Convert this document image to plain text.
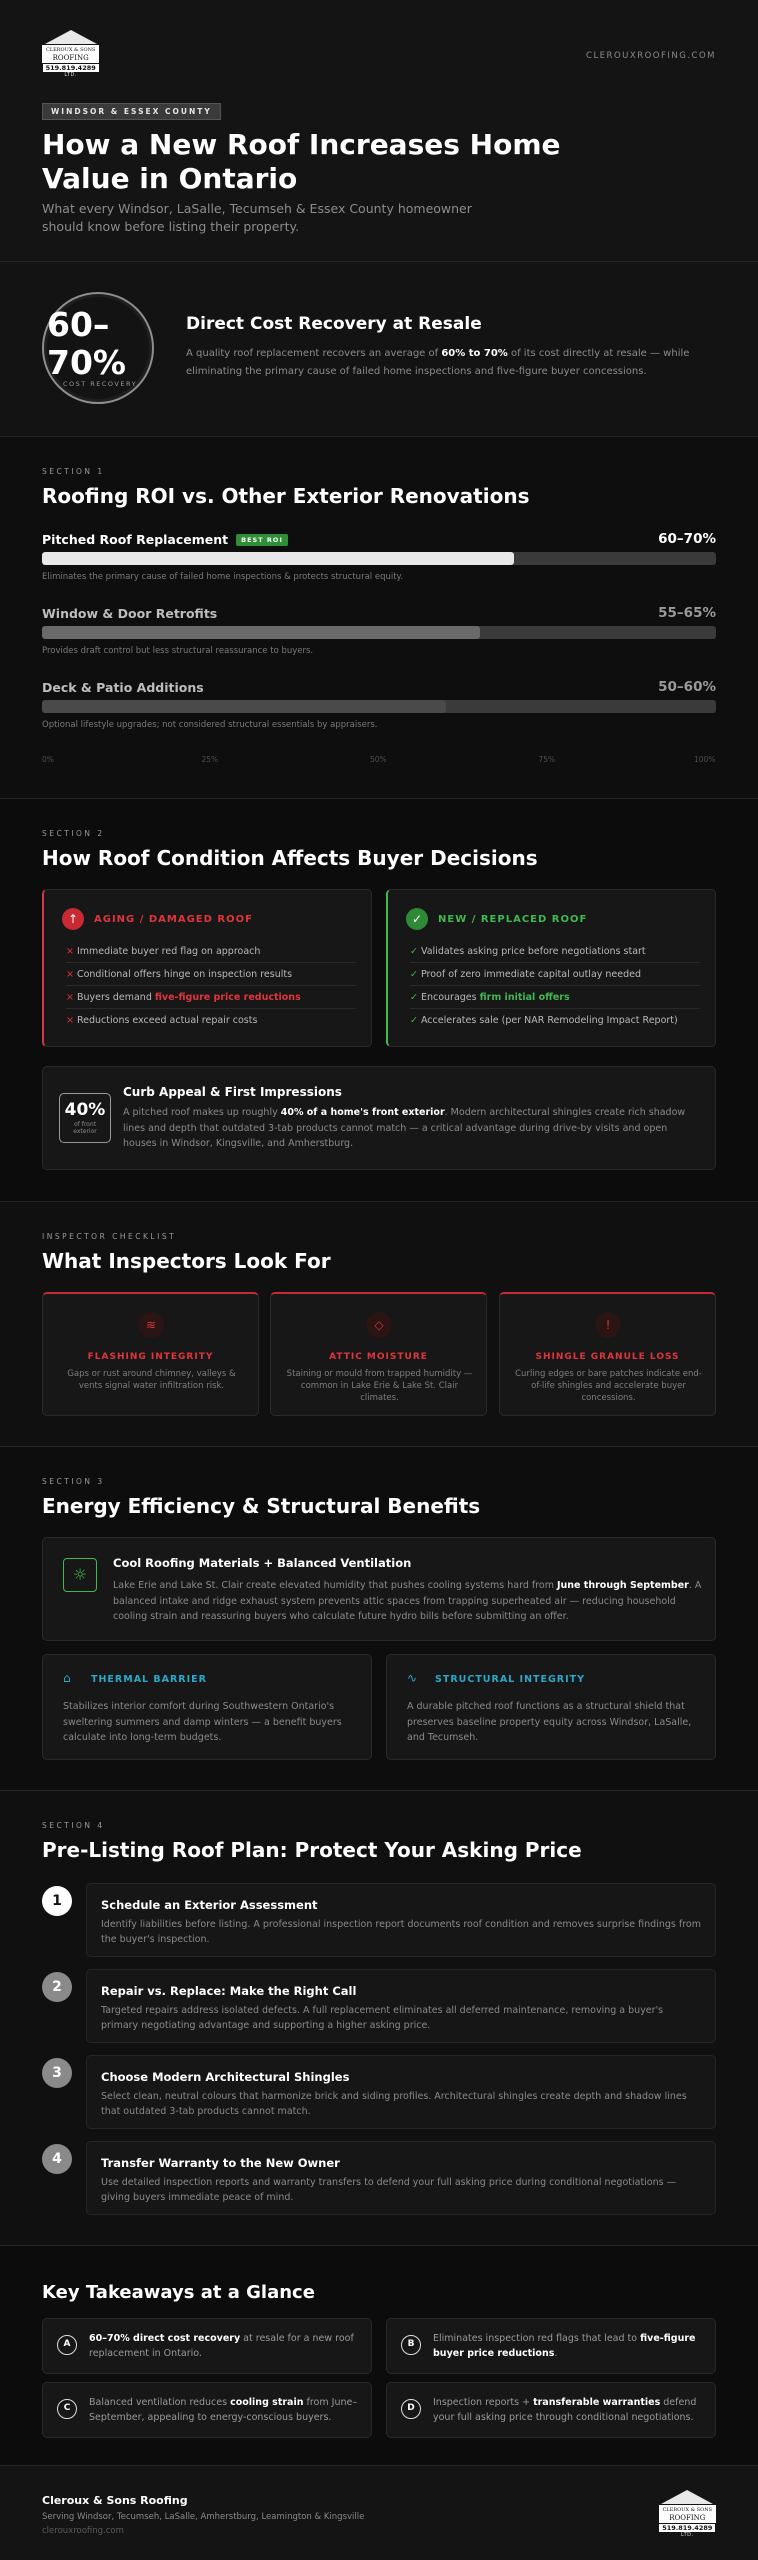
CLEROUX & SONS
ROOFING
519.819.4289
LTD.
CLEROUXROOFING.COM
WINDSOR & ESSEX COUNTY
How a New Roof Increases Home Value in Ontario

What every Windsor, LaSalle, Tecumseh & Essex County homeowner should know before listing their property.

60–70%
COST RECOVERY
Direct Cost Recovery at Resale

A quality roof replacement recovers an average of 60% to 70% of its cost directly at resale — while eliminating the primary cause of failed home inspections and five-figure buyer concessions.

SECTION 1
Roofing ROI vs. Other Exterior Renovations
Pitched Roof Replacement BEST ROI	60–70%
Eliminates the primary cause of failed home inspections & protects structural equity.
Window & Door Retrofits	55–65%
Provides draft control but less structural reassurance to buyers.
Deck & Patio Additions	50–60%
Optional lifestyle upgrades; not considered structural essentials by appraisers.
0%	25%	50%	75%	100%
SECTION 2
How Roof Condition Affects Buyer Decisions
↑	AGING / DAMAGED ROOF
× Immediate buyer red flag on approach
× Conditional offers hinge on inspection results
× Buyers demand five-figure price reductions
× Reductions exceed actual repair costs
✓	NEW / REPLACED ROOF
✓ Validates asking price before negotiations start
✓ Proof of zero immediate capital outlay needed
✓ Encourages firm initial offers
✓ Accelerates sale (per NAR Remodeling Impact Report)
40%
of front exterior
Curb Appeal & First Impressions

A pitched roof makes up roughly 40% of a home's front exterior. Modern architectural shingles create rich shadow lines and depth that outdated 3-tab products cannot match — a critical advantage during drive-by visits and open houses in Windsor, Kingsville, and Amherstburg.

INSPECTOR CHECKLIST
What Inspectors Look For
≋
FLASHING INTEGRITY
Gaps or rust around chimney, valleys & vents signal water infiltration risk.
◇
ATTIC MOISTURE
Staining or mould from trapped humidity — common in Lake Erie & Lake St. Clair climates.
!
SHINGLE GRANULE LOSS
Curling edges or bare patches indicate end-of-life shingles and accelerate buyer concessions.
SECTION 3
Energy Efficiency & Structural Benefits
☼
Cool Roofing Materials + Balanced Ventilation

Lake Erie and Lake St. Clair create elevated humidity that pushes cooling systems hard from June through September. A balanced intake and ridge exhaust system prevents attic spaces from trapping superheated air — reducing household cooling strain and reassuring buyers who calculate future hydro bills before submitting an offer.

⌂ THERMAL BARRIER

Stabilizes interior comfort during Southwestern Ontario's sweltering summers and damp winters — a benefit buyers calculate into long-term budgets.

∿ STRUCTURAL INTEGRITY

A durable pitched roof functions as a structural shield that preserves baseline property equity across Windsor, LaSalle, and Tecumseh.

SECTION 4
Pre-Listing Roof Plan: Protect Your Asking Price
1	Schedule an Exterior Assessment
Identify liabilities before listing. A professional inspection report documents roof condition and removes surprise findings from the buyer's inspection.
2	Repair vs. Replace: Make the Right Call
Targeted repairs address isolated defects. A full replacement eliminates all deferred maintenance, removing a buyer's primary negotiating advantage and supporting a higher asking price.
3	Choose Modern Architectural Shingles
Select clean, neutral colours that harmonize brick and siding profiles. Architectural shingles create depth and shadow lines that outdated 3-tab products cannot match.
4	Transfer Warranty to the New Owner
Use detailed inspection reports and warranty transfers to defend your full asking price during conditional negotiations — giving buyers immediate peace of mind.
Key Takeaways at a Glance
A	60–70% direct cost recovery at resale for a new roof replacement in Ontario.
B	Eliminates inspection red flags that lead to five-figure buyer price reductions.
C	Balanced ventilation reduces cooling strain from June–September, appealing to energy-conscious buyers.
D	Inspection reports + transferable warranties defend your full asking price through conditional negotiations.
Cleroux & Sons Roofing
Serving Windsor, Tecumseh, LaSalle, Amherstburg, Leamington & Kingsville
clerouxroofing.com
CLEROUX & SONS
ROOFING
519.819.4289
LTD.
